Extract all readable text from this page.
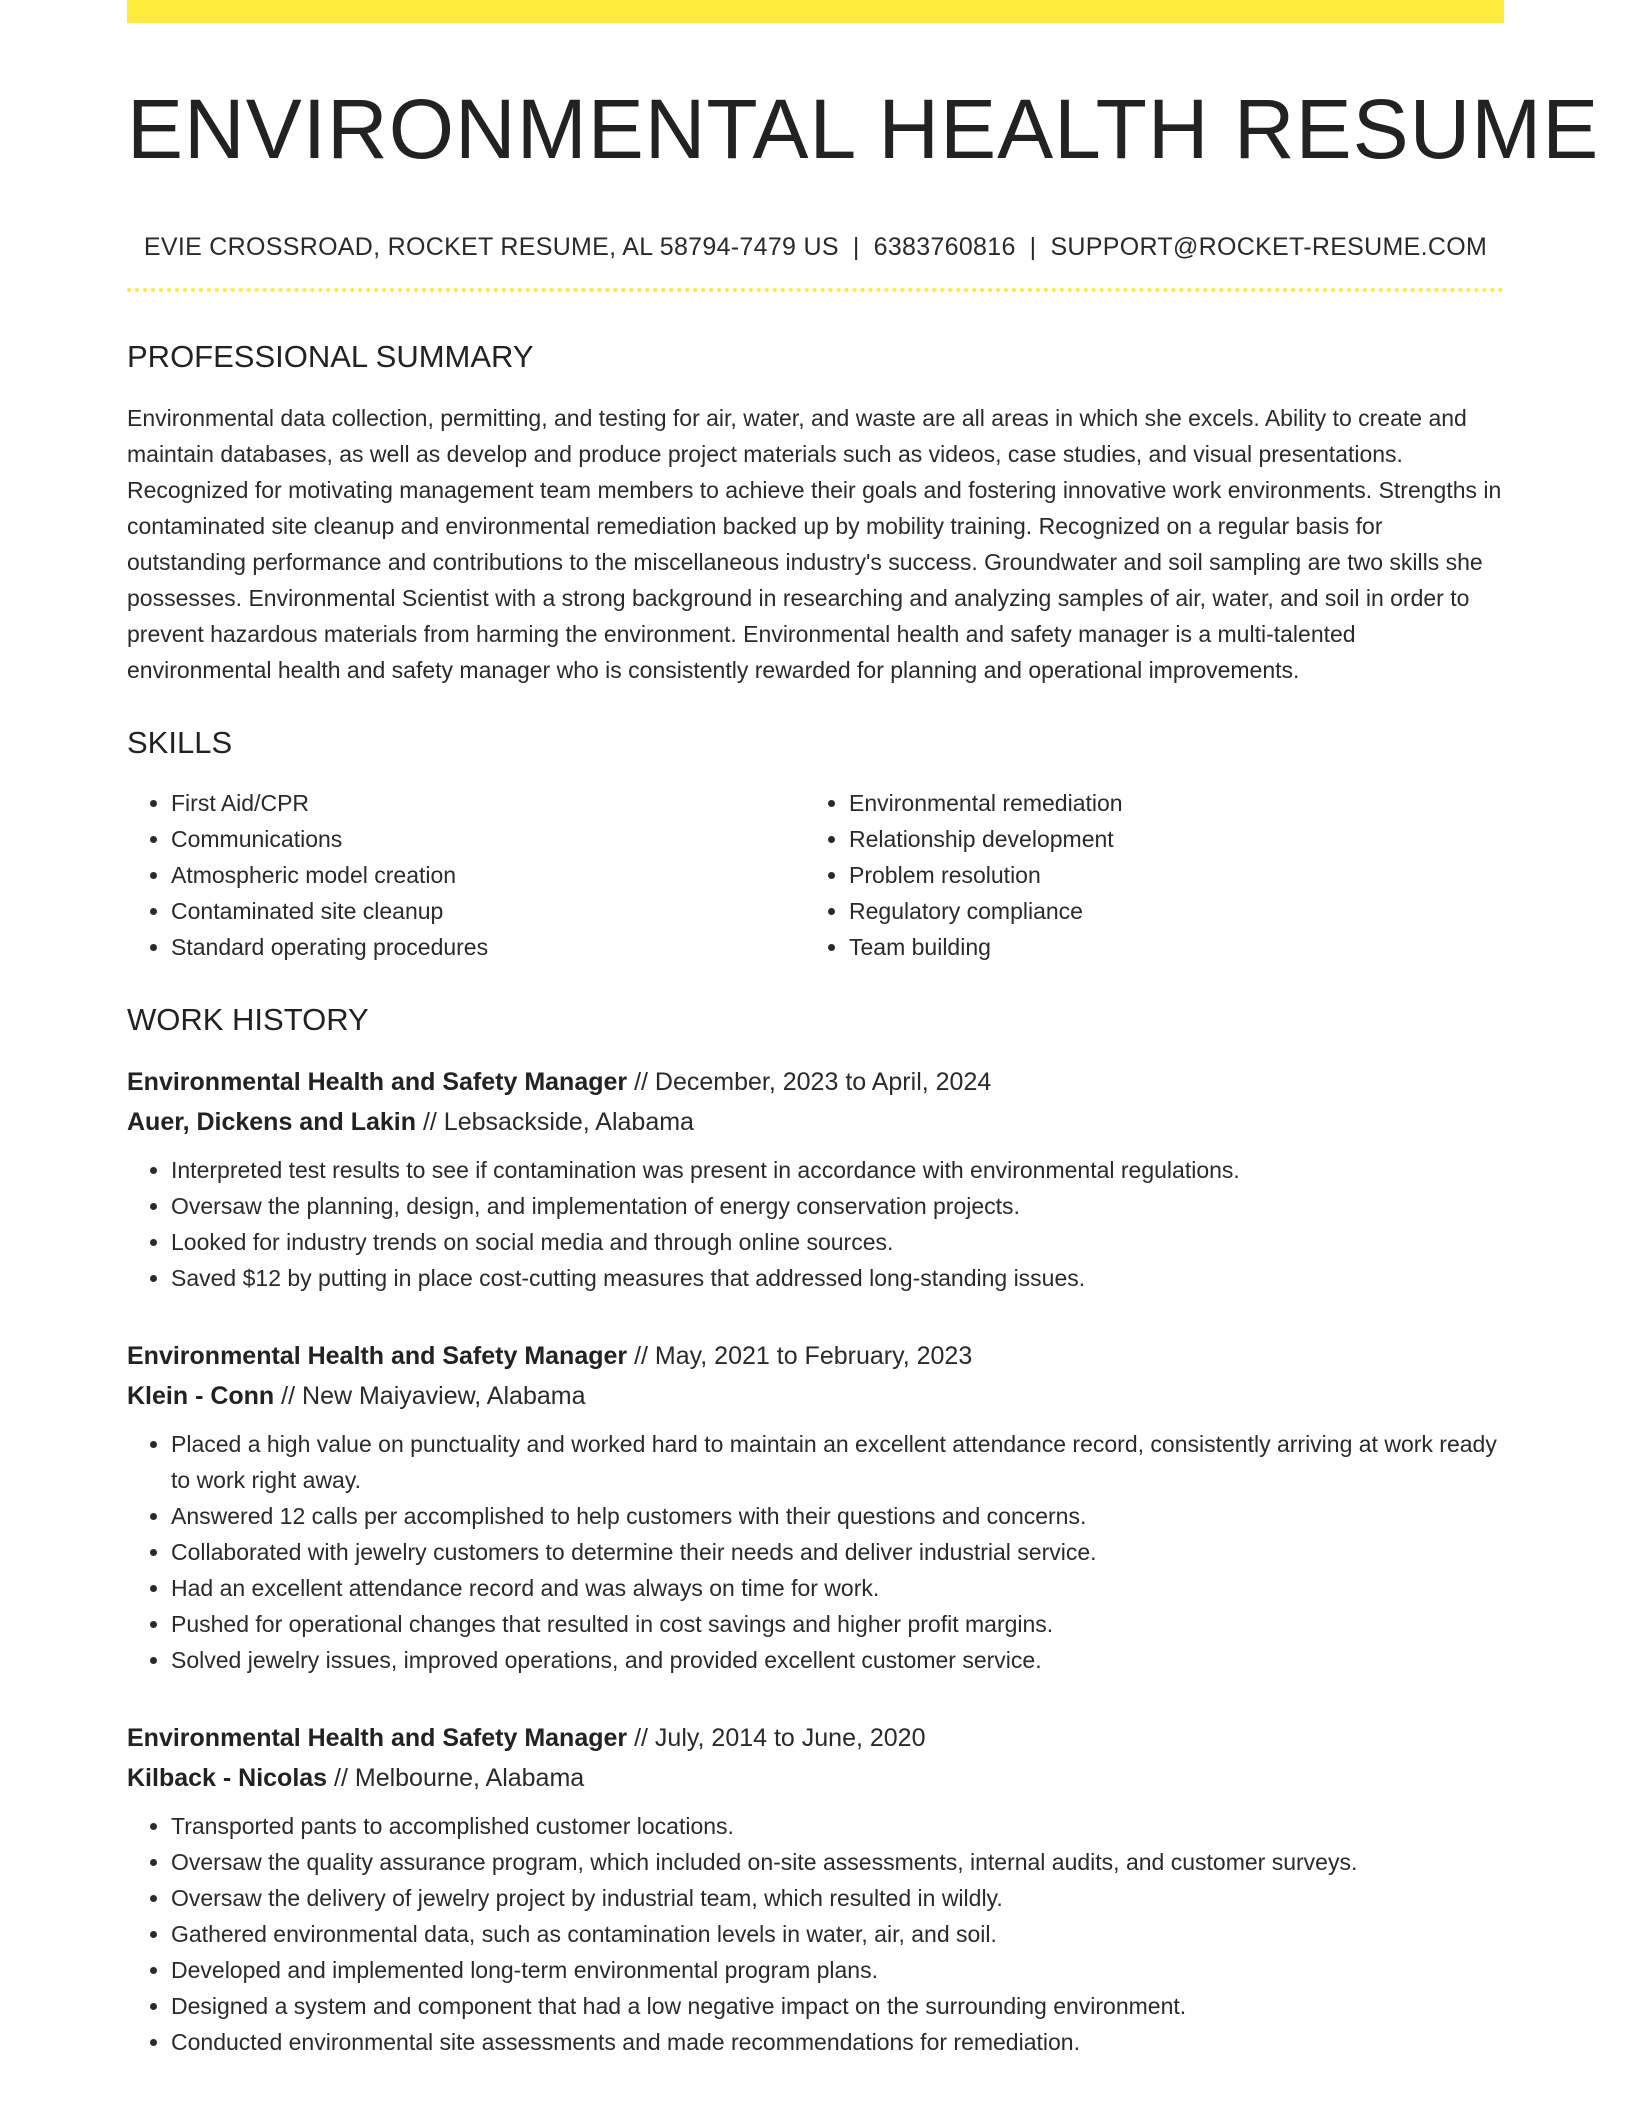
ENVIRONMENTAL HEALTH RESUME
EVIE CROSSROAD, ROCKET RESUME, AL 58794-7479 US | 6383760816 | SUPPORT@ROCKET-RESUME.COM
PROFESSIONAL SUMMARY

Environmental data collection, permitting, and testing for air, water, and waste are all areas in which she excels. Ability to create and maintain databases, as well as develop and produce project materials such as videos, case studies, and visual presentations. Recognized for motivating management team members to achieve their goals and fostering innovative work environments. Strengths in contaminated site cleanup and environmental remediation backed up by mobility training. Recognized on a regular basis for outstanding performance and contributions to the miscellaneous industry's success. Groundwater and soil sampling are two skills she possesses. Environmental Scientist with a strong background in researching and analyzing samples of air, water, and soil in order to prevent hazardous materials from harming the environment. Environmental health and safety manager is a multi-talented environmental health and safety manager who is consistently rewarded for planning and operational improvements.

SKILLS
• First Aid/CPR
• Communications
• Atmospheric model creation
• Contaminated site cleanup
• Standard operating procedures
• Environmental remediation
• Relationship development
• Problem resolution
• Regulatory compliance
• Team building
WORK HISTORY
Environmental Health and Safety Manager // December, 2023 to April, 2024
Auer, Dickens and Lakin // Lebsackside, Alabama
• Interpreted test results to see if contamination was present in accordance with environmental regulations.
• Oversaw the planning, design, and implementation of energy conservation projects.
• Looked for industry trends on social media and through online sources.
• Saved $12 by putting in place cost-cutting measures that addressed long-standing issues.
Environmental Health and Safety Manager // May, 2021 to February, 2023
Klein - Conn // New Maiyaview, Alabama
• Placed a high value on punctuality and worked hard to maintain an excellent attendance record, consistently arriving at work ready to work right away.
• Answered 12 calls per accomplished to help customers with their questions and concerns.
• Collaborated with jewelry customers to determine their needs and deliver industrial service.
• Had an excellent attendance record and was always on time for work.
• Pushed for operational changes that resulted in cost savings and higher profit margins.
• Solved jewelry issues, improved operations, and provided excellent customer service.
Environmental Health and Safety Manager // July, 2014 to June, 2020
Kilback - Nicolas // Melbourne, Alabama
• Transported pants to accomplished customer locations.
• Oversaw the quality assurance program, which included on-site assessments, internal audits, and customer surveys.
• Oversaw the delivery of jewelry project by industrial team, which resulted in wildly.
• Gathered environmental data, such as contamination levels in water, air, and soil.
• Developed and implemented long-term environmental program plans.
• Designed a system and component that had a low negative impact on the surrounding environment.
• Conducted environmental site assessments and made recommendations for remediation.
